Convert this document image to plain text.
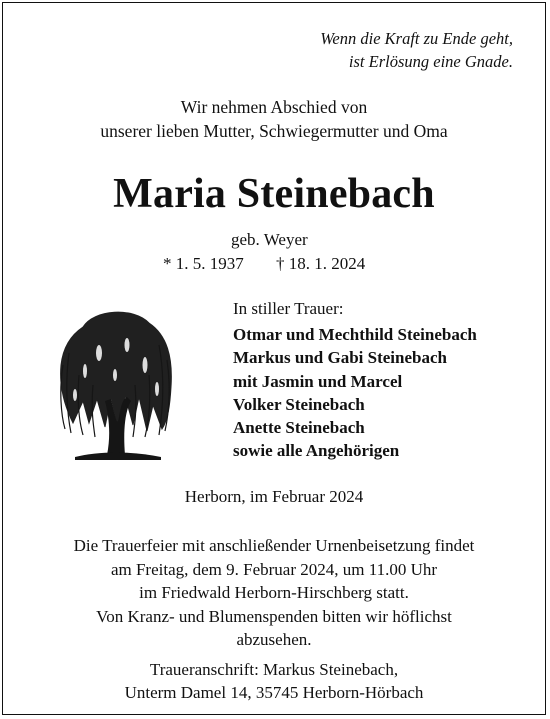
Wenn die Kraft zu Ende geht,
ist Erlösung eine Gnade.
Wir nehmen Abschied von
unserer lieben Mutter, Schwiegermutter und Oma
Maria Steinebach
geb. Weyer
* 1. 5. 1937 † 18. 1. 2024
In stiller Trauer:
Otmar und Mechthild Steinebach
Markus und Gabi Steinebach
mit Jasmin und Marcel
Volker Steinebach
Anette Steinebach
sowie alle Angehörigen
Herborn, im Februar 2024
Die Trauerfeier mit anschließender Urnenbeisetzung findet
am Freitag, dem 9. Februar 2024, um 11.00 Uhr
im Friedwald Herborn-Hirschberg statt.
Von Kranz- und Blumenspenden bitten wir höflichst
abzusehen.
Traueranschrift: Markus Steinebach,
Unterm Damel 14, 35745 Herborn-Hörbach
